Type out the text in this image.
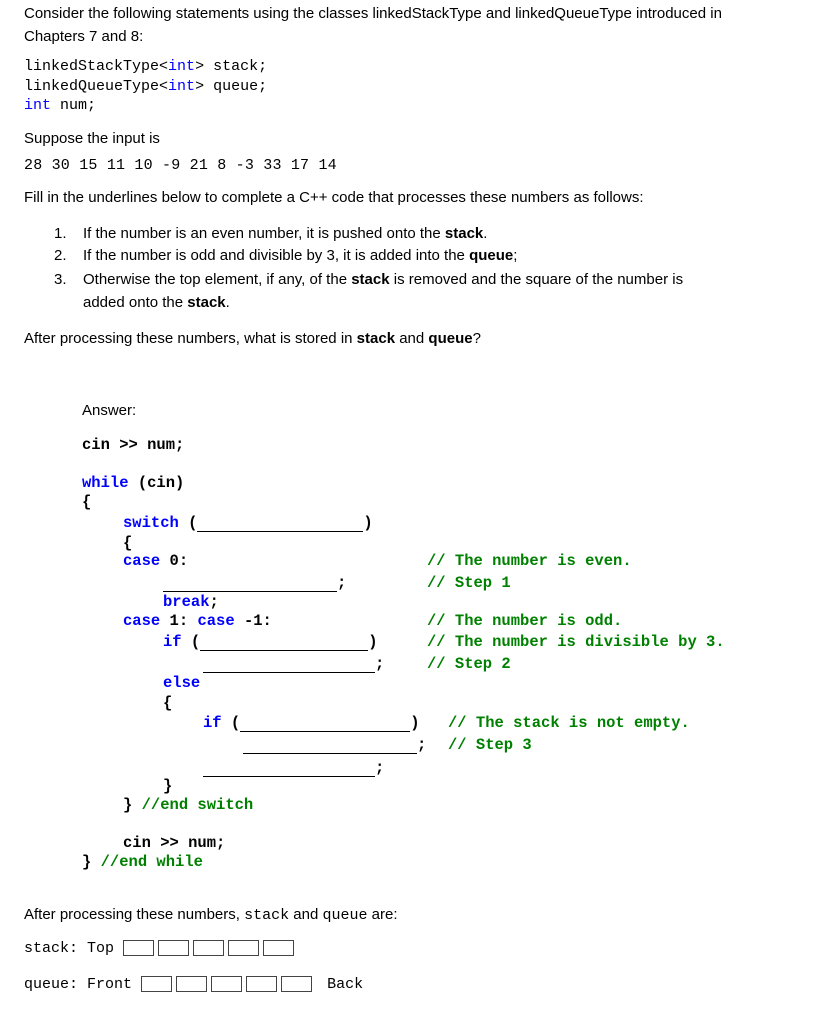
Consider the following statements using the classes linkedStackType and linkedQueueType introduced in
Chapters 7 and 8:
linkedStackType<int> stack;
linkedQueueType<int> queue;
int num;
Suppose the input is
28 30 15 11 10 -9 21 8 -3 33 17 14
Fill in the underlines below to complete a C++ code that processes these numbers as follows:
1. If the number is an even number, it is pushed onto the stack.
2. If the number is odd and divisible by 3, it is added into the queue;
3. Otherwise the top element, if any, of the stack is removed and the square of the number is
added onto the stack.
After processing these numbers, what is stored in stack and queue?
Answer:
cin >> num;
while (cin)
{
switch (	)
{
case 0:	// The number is even.
;	// Step 1
break;
case 1: case -1:	// The number is odd.
if (	)	// The number is divisible by 3.
;	// Step 2
else
{
if (	) // The stack is not empty.
; // Step 3
;
}
} //end switch
cin >> num;
} //end while
After processing these numbers, stack and queue are:
stack: Top
queue: Front	Back
